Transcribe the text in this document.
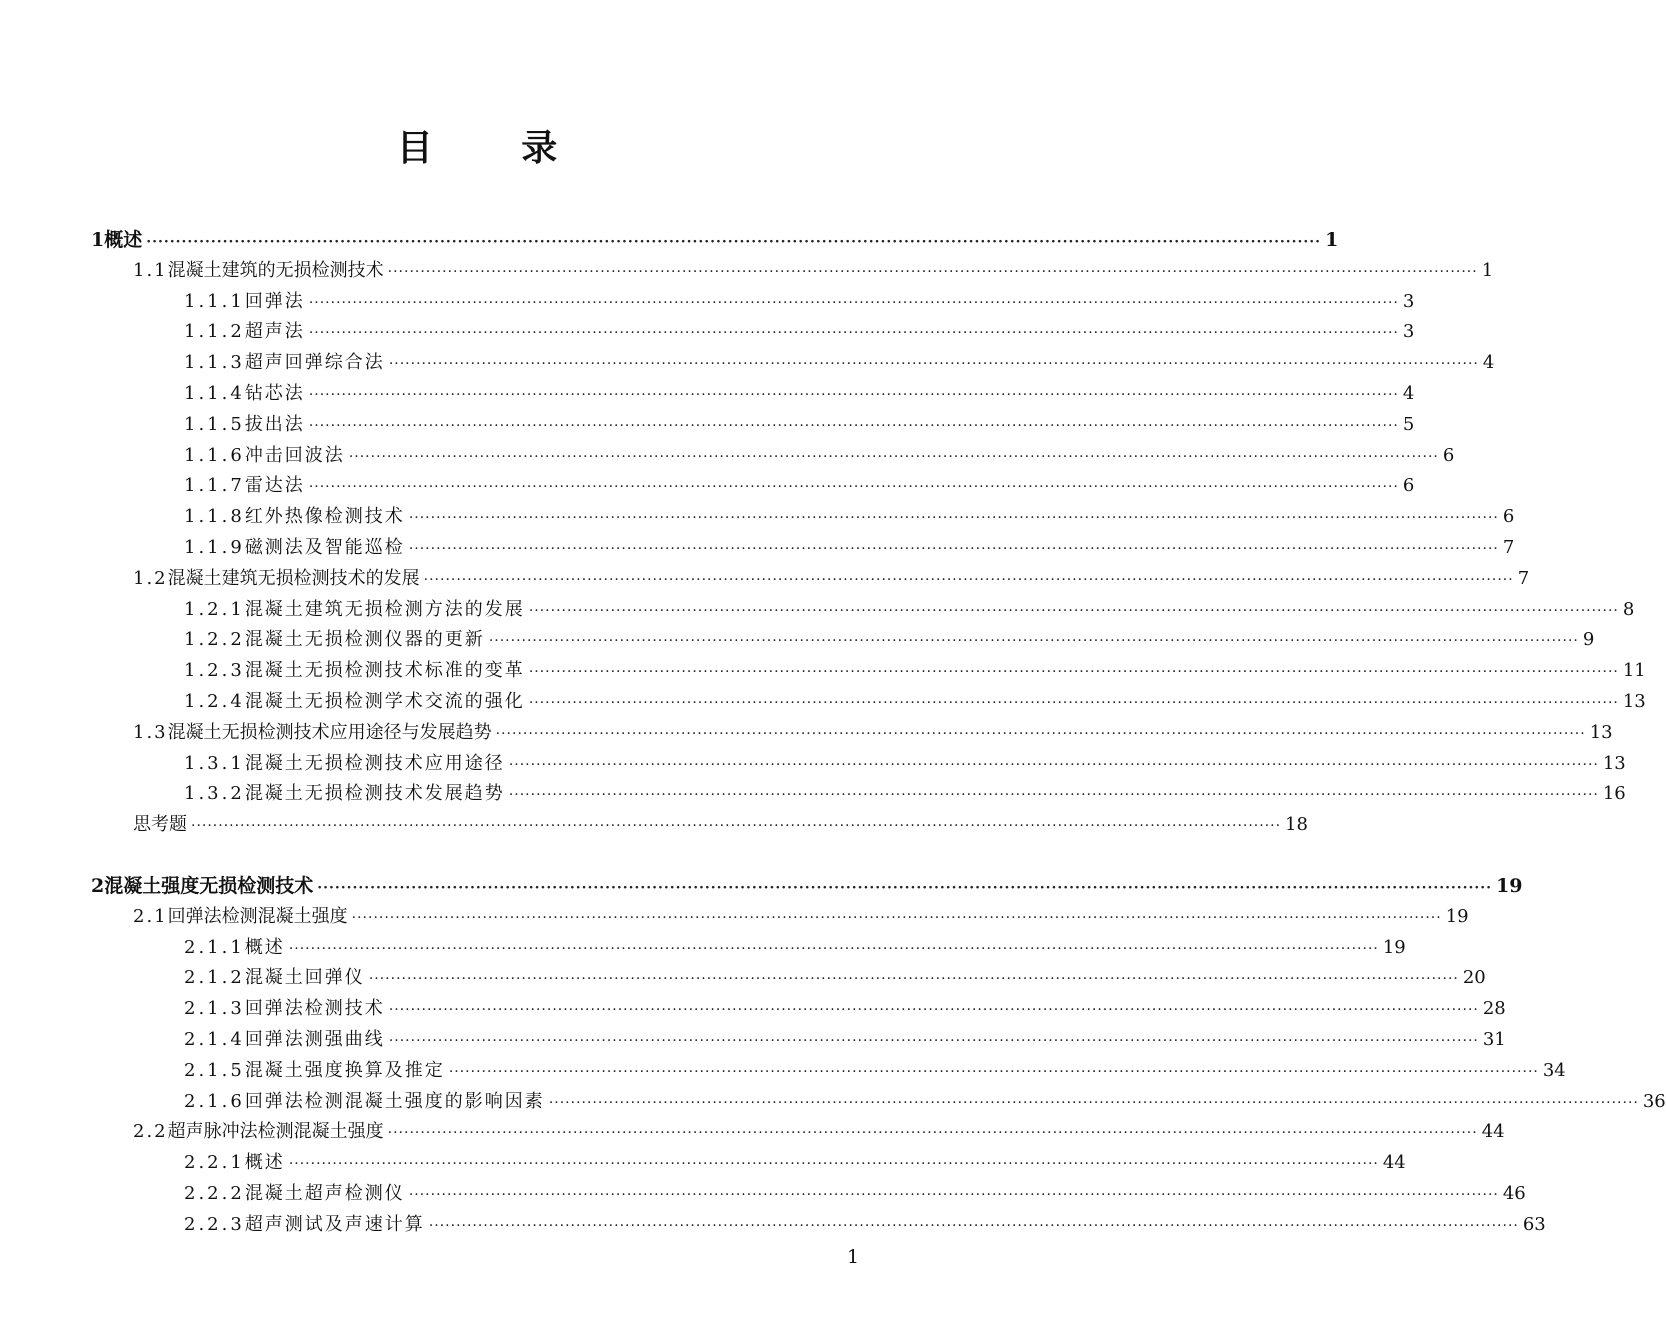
目 录
1 概述 ········································································································································································································ 1
1.1 混凝土建筑的无损检测技术 ········································································································································································································ 1
1.1.1 回弹法 ········································································································································································································ 3
1.1.2 超声法 ········································································································································································································ 3
1.1.3 超声回弹综合法 ········································································································································································································ 4
1.1.4 钻芯法 ········································································································································································································ 4
1.1.5 拔出法 ········································································································································································································ 5
1.1.6 冲击回波法 ········································································································································································································ 6
1.1.7 雷达法 ········································································································································································································ 6
1.1.8 红外热像检测技术 ········································································································································································································ 6
1.1.9 磁测法及智能巡检 ········································································································································································································ 7
1.2 混凝土建筑无损检测技术的发展 ········································································································································································································ 7
1.2.1 混凝土建筑无损检测方法的发展 ········································································································································································································ 8
1.2.2 混凝土无损检测仪器的更新 ········································································································································································································ 9
1.2.3 混凝土无损检测技术标准的变革 ········································································································································································································ 11
1.2.4 混凝土无损检测学术交流的强化 ········································································································································································································ 13
1.3 混凝土无损检测技术应用途径与发展趋势 ········································································································································································································ 13
1.3.1 混凝土无损检测技术应用途径 ········································································································································································································ 13
1.3.2 混凝土无损检测技术发展趋势 ········································································································································································································ 16
思考题 ········································································································································································································ 18
2 混凝土强度无损检测技术 ········································································································································································································ 19
2.1 回弹法检测混凝土强度 ········································································································································································································ 19
2.1.1 概述 ········································································································································································································ 19
2.1.2 混凝土回弹仪 ········································································································································································································ 20
2.1.3 回弹法检测技术 ········································································································································································································ 28
2.1.4 回弹法测强曲线 ········································································································································································································ 31
2.1.5 混凝土强度换算及推定 ········································································································································································································ 34
2.1.6 回弹法检测混凝土强度的影响因素 ········································································································································································································ 36
2.2 超声脉冲法检测混凝土强度 ········································································································································································································ 44
2.2.1 概述 ········································································································································································································ 44
2.2.2 混凝土超声检测仪 ········································································································································································································ 46
2.2.3 超声测试及声速计算 ········································································································································································································ 63
1
